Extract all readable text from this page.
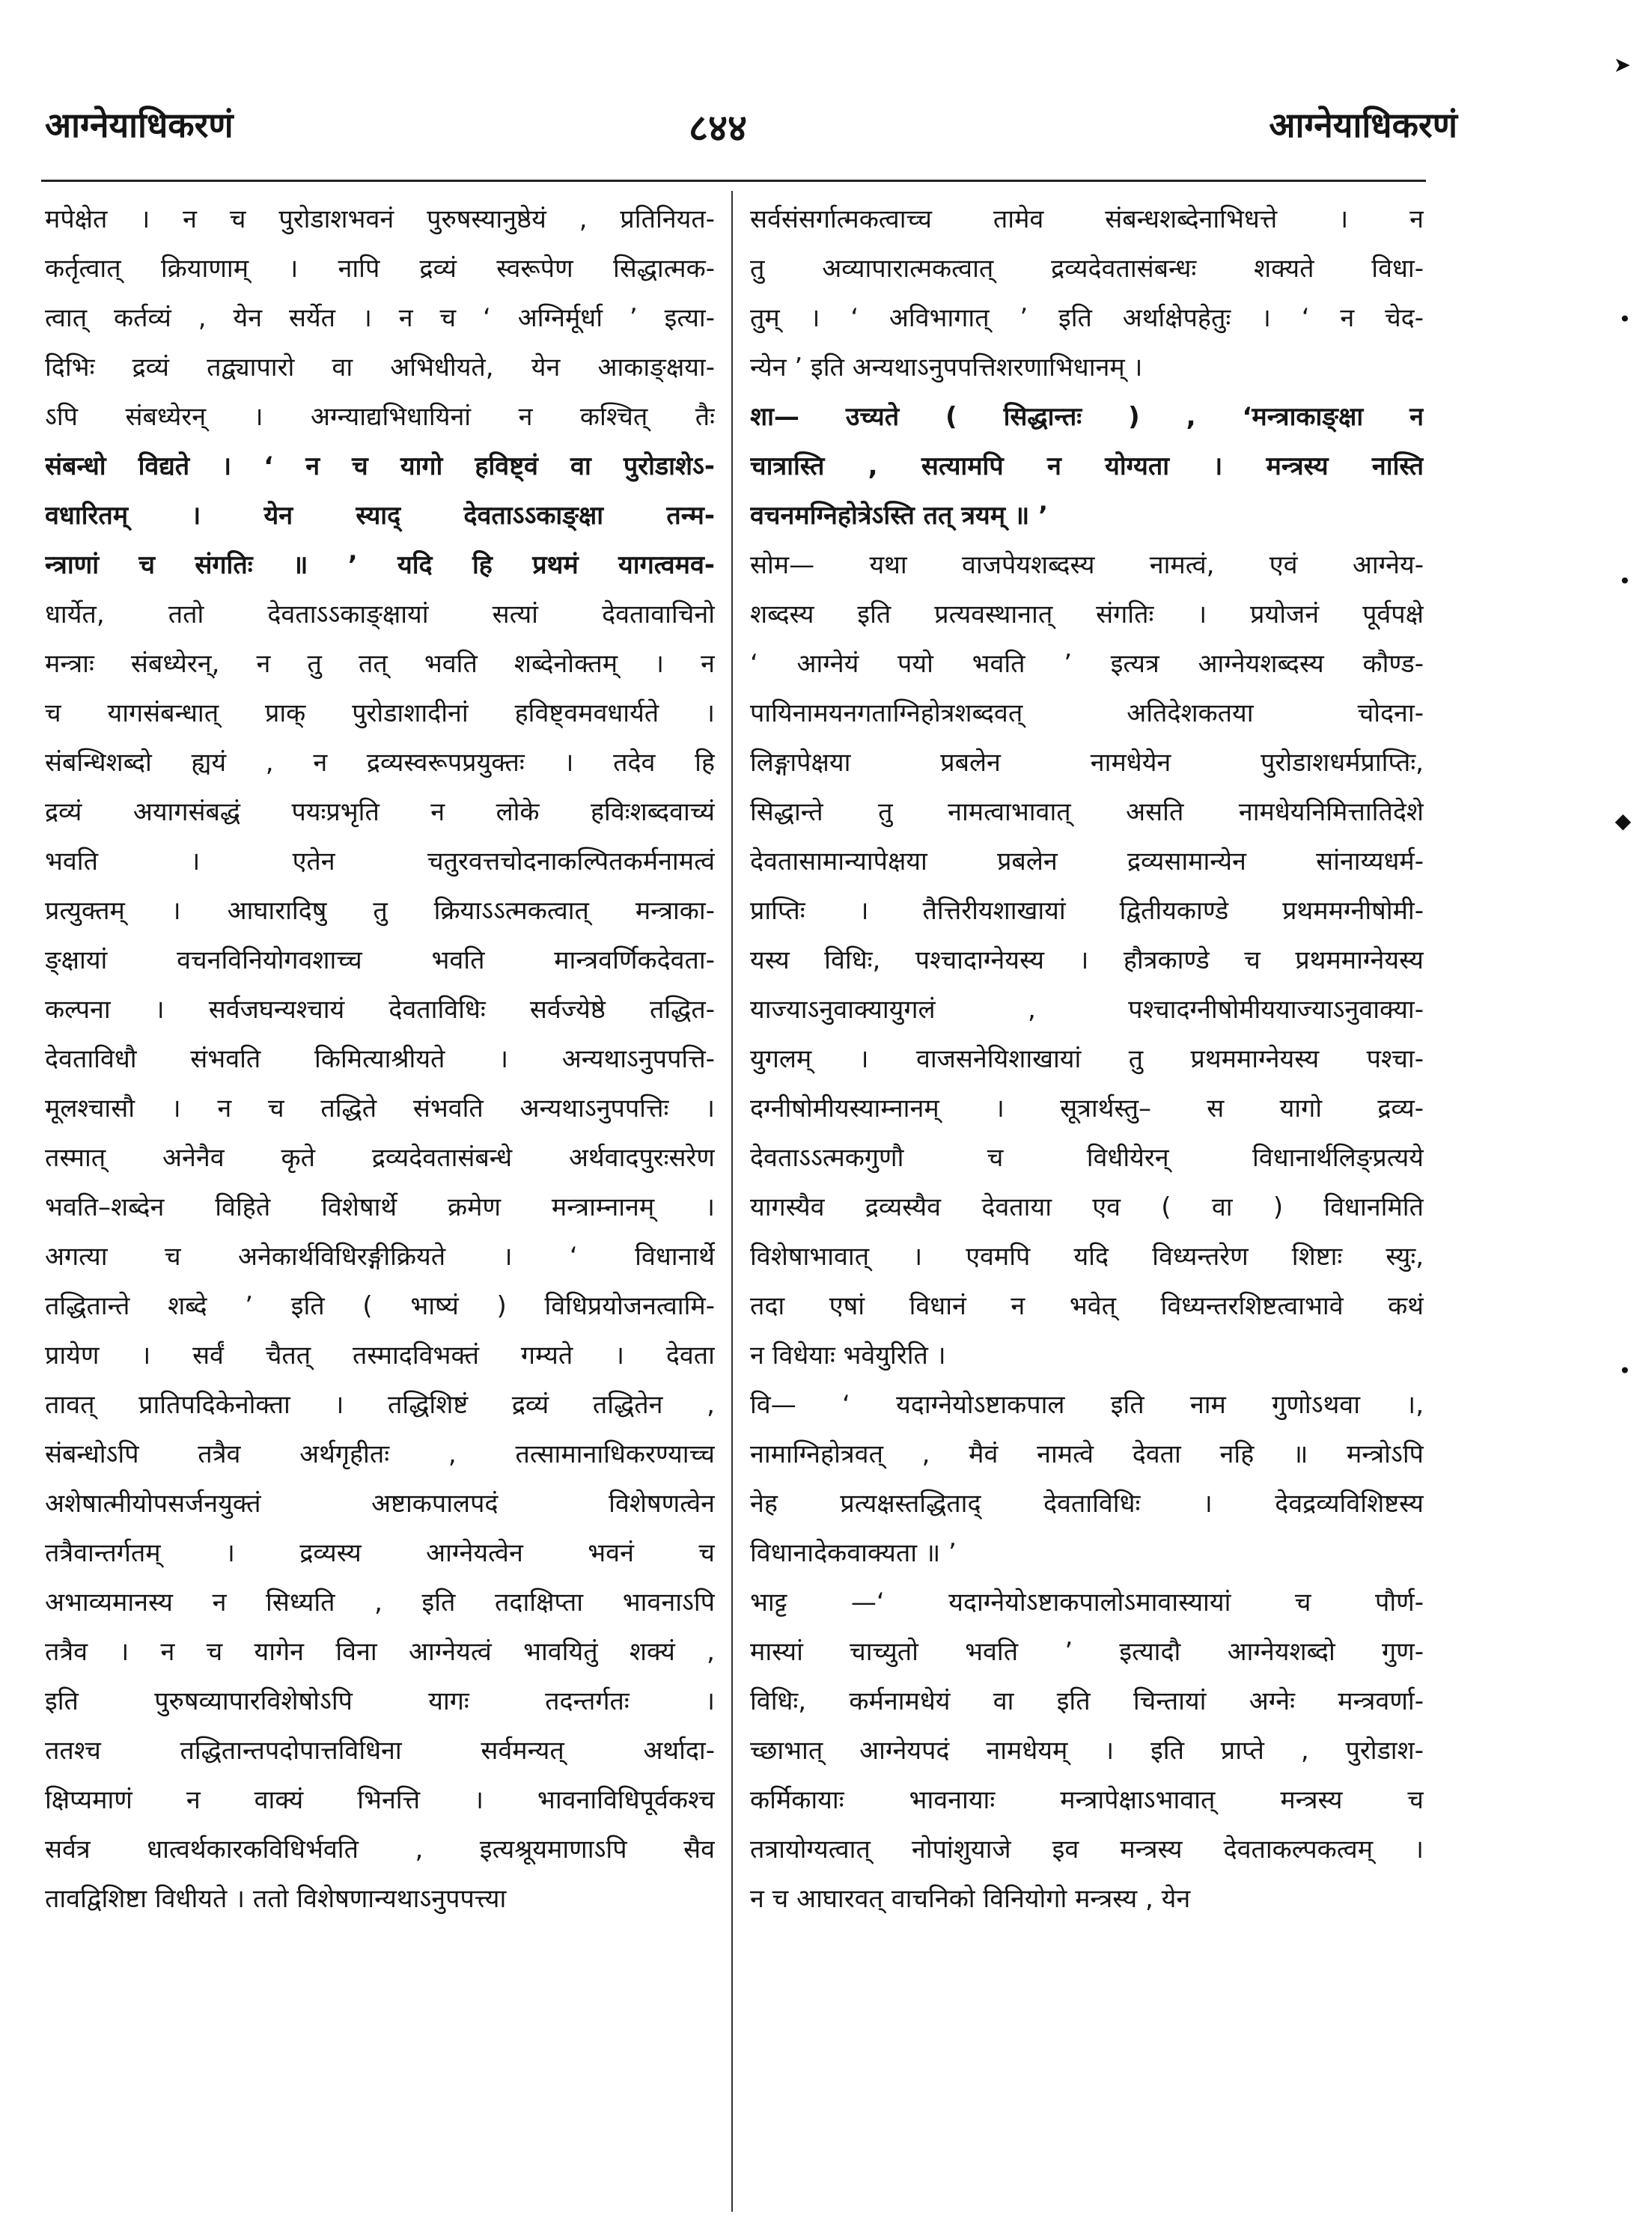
आग्नेयाधिकरणं	८४४	आग्नेयाधिकरणं
मपेक्षेत । न च पुरोडाशभवनं पुरुषस्यानुष्ठेयं , प्रतिनियत-
कर्तृत्वात् क्रियाणाम् । नापि द्रव्यं स्वरूपेण सिद्धात्मक-
त्वात् कर्तव्यं , येन सर्येत । न च ‘ अग्निर्मूर्धा ’ इत्या-
दिभिः द्रव्यं तद्व्यापारो वा अभिधीयते, येन आकाङ्क्षया-
ऽपि संबध्येरन् । अग्न्याद्यभिधायिनां न कश्चित् तैः
संबन्धो विद्यते । ‘ न च यागो हविष्ट्वं वा पुरोडाशेऽ-
वधारितम् । येन स्याद् देवताऽऽकाङ्क्षा तन्म-
न्त्राणां च संगतिः ॥ ’ यदि हि प्रथमं यागत्वमव-
धार्येत, ततो देवताऽऽकाङ्क्षायां सत्यां देवतावाचिनो
मन्त्राः संबध्येरन्, न तु तत् भवति शब्देनोक्तम् । न
च यागसंबन्धात् प्राक् पुरोडाशादीनां हविष्ट्वमवधार्यते ।
संबन्धिशब्दो ह्ययं , न द्रव्यस्वरूपप्रयुक्तः । तदेव हि
द्रव्यं अयागसंबद्धं पयःप्रभृति न लोके हविःशब्दवाच्यं
भवति । एतेन चतुरवत्तचोदनाकल्पितकर्मनामत्वं
प्रत्युक्तम् । आघारादिषु तु क्रियाऽऽत्मकत्वात् मन्त्राका-
ङ्क्षायां वचनविनियोगवशाच्च भवति मान्त्रवर्णिकदेवता-
कल्पना । सर्वजघन्यश्चायं देवताविधिः सर्वज्येष्ठे तद्धित-
देवताविधौ संभवति किमित्याश्रीयते । अन्यथाऽनुपपत्ति-
मूलश्चासौ । न च तद्धिते संभवति अन्यथाऽनुपपत्तिः ।
तस्मात् अनेनैव कृते द्रव्यदेवतासंबन्धे अर्थवादपुरःसरेण
भवति–शब्देन विहिते विशेषार्थे क्रमेण मन्त्राम्नानम् ।
अगत्या च अनेकार्थविधिरङ्गीक्रियते । ‘ विधानार्थे
तद्धितान्ते शब्दे ’ इति ( भाष्यं ) विधिप्रयोजनत्वामि-
प्रायेण । सर्वं चैतत् तस्मादविभक्तं गम्यते । देवता
तावत् प्रातिपदिकेनोक्ता । तद्धिशिष्टं द्रव्यं तद्धितेन ,
संबन्धोऽपि तत्रैव अर्थगृहीतः , तत्सामानाधिकरण्याच्च
अशेषात्मीयोपसर्जनयुक्तं अष्टाकपालपदं विशेषणत्वेन
तत्रैवान्तर्गतम् । द्रव्यस्य आग्नेयत्वेन भवनं च
अभाव्यमानस्य न सिध्यति , इति तदाक्षिप्ता भावनाऽपि
तत्रैव । न च यागेन विना आग्नेयत्वं भावयितुं शक्यं ,
इति पुरुषव्यापारविशेषोऽपि यागः तदन्तर्गतः ।
ततश्च तद्धितान्तपदोपात्तविधिना सर्वमन्यत् अर्थादा-
क्षिप्यमाणं न वाक्यं भिनत्ति । भावनाविधिपूर्वकश्च
सर्वत्र धात्वर्थकारकविधिर्भवति , इत्यश्रूयमाणाऽपि सैव
तावद्विशिष्टा विधीयते । ततो विशेषणान्यथाऽनुपपत्त्या
सर्वसंसर्गात्मकत्वाच्च तामेव संबन्धशब्देनाभिधत्ते । न
तु अव्यापारात्मकत्वात् द्रव्यदेवतासंबन्धः शक्यते विधा-
तुम् । ‘ अविभागात् ’ इति अर्थाक्षेपहेतुः । ‘ न चेद-
न्येन ’ इति अन्यथाऽनुपपत्तिशरणाभिधानम् ।
शा— उच्यते ( सिद्धान्तः ) , ‘मन्त्राकाङ्क्षा न
चात्रास्ति , सत्यामपि न योग्यता । मन्त्रस्य नास्ति
वचनमग्निहोत्रेऽस्ति तत् त्रयम् ॥ ’
सोम— यथा वाजपेयशब्दस्य नामत्वं, एवं आग्नेय-
शब्दस्य इति प्रत्यवस्थानात् संगतिः । प्रयोजनं पूर्वपक्षे
‘ आग्नेयं पयो भवति ’ इत्यत्र आग्नेयशब्दस्य कौण्ड-
पायिनामयनगताग्निहोत्रशब्दवत् अतिदेशकतया चोदना-
लिङ्गापेक्षया प्रबलेन नामधेयेन पुरोडाशधर्मप्राप्तिः,
सिद्धान्ते तु नामत्वाभावात् असति नामधेयनिमित्तातिदेशे
देवतासामान्यापेक्षया प्रबलेन द्रव्यसामान्येन सांनाय्यधर्म-
प्राप्तिः । तैत्तिरीयशाखायां द्वितीयकाण्डे प्रथममग्नीषोमी-
यस्य विधिः, पश्चादाग्नेयस्य । हौत्रकाण्डे च प्रथममाग्नेयस्य
याज्याऽनुवाक्यायुगलं , पश्चादग्नीषोमीययाज्याऽनुवाक्या-
युगलम् । वाजसनेयिशाखायां तु प्रथममाग्नेयस्य पश्चा-
दग्नीषोमीयस्याम्नानम् । सूत्रार्थस्तु– स यागो द्रव्य-
देवताऽऽत्मकगुणौ च विधीयेरन् विधानार्थलिङ्प्रत्यये
यागस्यैव द्रव्यस्यैव देवताया एव ( वा ) विधानमिति
विशेषाभावात् । एवमपि यदि विध्यन्तरेण शिष्टाः स्युः,
तदा एषां विधानं न भवेत् विध्यन्तरशिष्टत्वाभावे कथं
न विधेयाः भवेयुरिति ।
वि— ‘ यदाग्नेयोऽष्टाकपाल इति नाम गुणोऽथवा ।,
नामाग्निहोत्रवत् , मैवं नामत्वे देवता नहि ॥ मन्त्रोऽपि
नेह प्रत्यक्षस्तद्धिताद् देवताविधिः । देवद्रव्यविशिष्टस्य
विधानादेकवाक्यता ॥ ’
भाट्ट —‘ यदाग्नेयोऽष्टाकपालोऽमावास्यायां च पौर्ण-
मास्यां चाच्युतो भवति ’ इत्यादौ आग्नेयशब्दो गुण-
विधिः, कर्मनामधेयं वा इति चिन्तायां अग्नेः मन्त्रवर्णा-
च्छाभात् आग्नेयपदं नामधेयम् । इति प्राप्ते , पुरोडाश-
कर्मिकायाः भावनायाः मन्त्रापेक्षाऽभावात् मन्त्रस्य च
तत्रायोग्यत्वात् नोपांशुयाजे इव मन्त्रस्य देवताकल्पकत्वम् ।
न च आघारवत् वाचनिको विनियोगो मन्त्रस्य , येन
➤
•
•
◆
•
